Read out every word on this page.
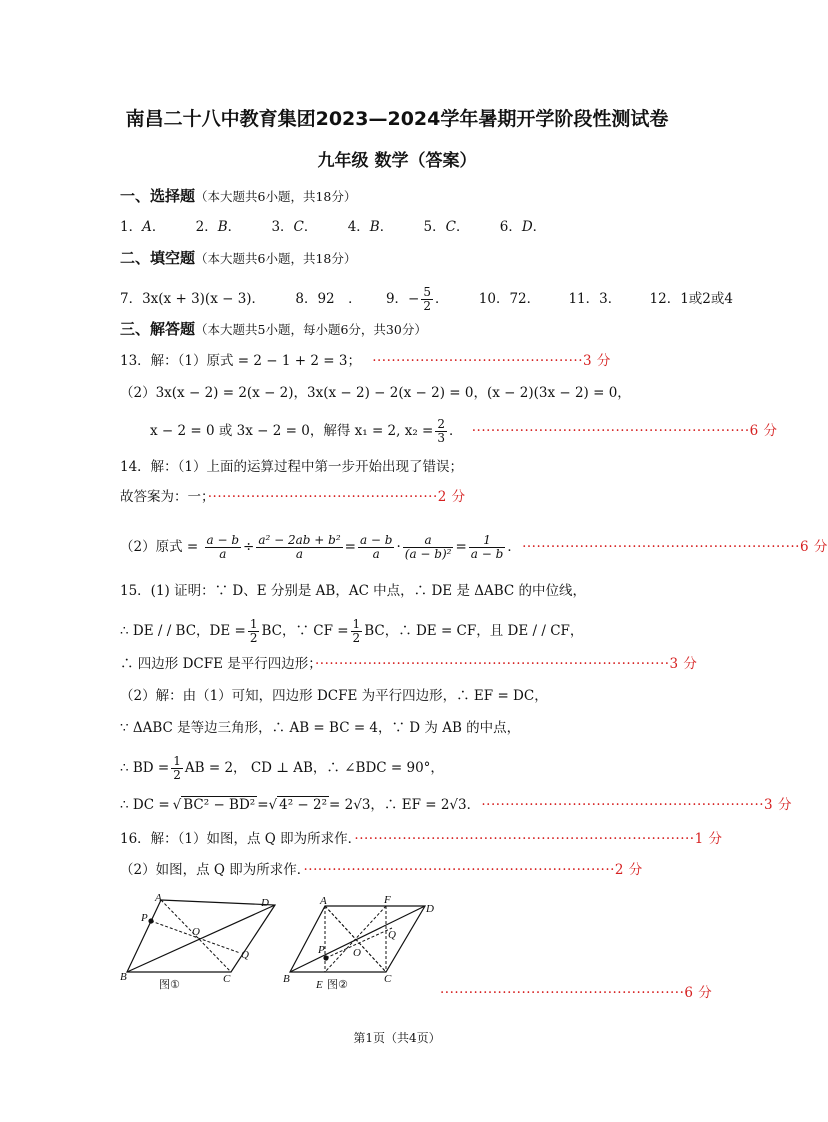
南昌二十八中教育集团2023—2024学年暑期开学阶段性测试卷
九年级 数学（答案）
一、选择题（本大题共6小题，共18分）
1．A． 2．B． 3．C． 4．B． 5．C． 6．D．
二、填空题（本大题共6小题，共18分）
7．3x(x + 3)(x − 3)． 8．92　． 9．− $\frac{5}{2}$ ． 10．72． 11．3． 12．1或2或4
三、解答题（本大题共5小题，每小题6分，共30分）
13．解：（1）原式 = 2 − 1 + 2 = 3； ············································3 分
（2）3x(x − 2) = 2(x − 2)，3x(x − 2) − 2(x − 2) = 0，(x − 2)(3x − 2) = 0，
x − 2 = 0 或 3x − 2 = 0，解得 x₁ = 2, $x_2 = \frac{2}{3}$ ． ··························································6 分
14．解：（1）上面的运算过程中第一步开始出现了错误；
故答案为：一；················································2 分
（2）原式 = $\frac{a - b}{a} \div \frac{\text{a² − 2ab + b²}}{a} = \frac{a - b}{a} \cdot \frac{a}{\text{(a − b)²}} = \frac{1}{a - b}$ ． ··························································6 分
15．(1) 证明：∵ D、E 分别是 AB，AC 中点，∴ DE 是 ΔABC 的中位线，
∴ DE / / BC，DE = $\frac{1}{2}$ BC，∵ CF = $\frac{1}{2}$ BC，∴ DE = CF，且 DE / / CF，
∴ 四边形 DCFE 是平行四边形；··········································································3 分
（2）解：由（1）可知，四边形 DCFE 为平行四边形，∴ EF = DC，
∵ ΔABC 是等边三角形，∴ AB = BC = 4，∵ D 为 AB 的中点，
∴ BD = $\frac{1}{2}$ AB = 2， CD ⊥ AB，∴ ∠BDC = 90°，
∴ DC = √ BC² − BD² =√ 4² − 2² = 2√3，∴ EF = 2√3． ···························································3 分
16．解：（1）如图，点 Q 即为所求作．·······································································1 分
（2）如图，点 Q 即为所求作．·································································2 分
A	D
P
O
Q
B	C
图①
A	F
D
Q
P	O
B E	C
图②
···················································6 分
第1页（共4页）
